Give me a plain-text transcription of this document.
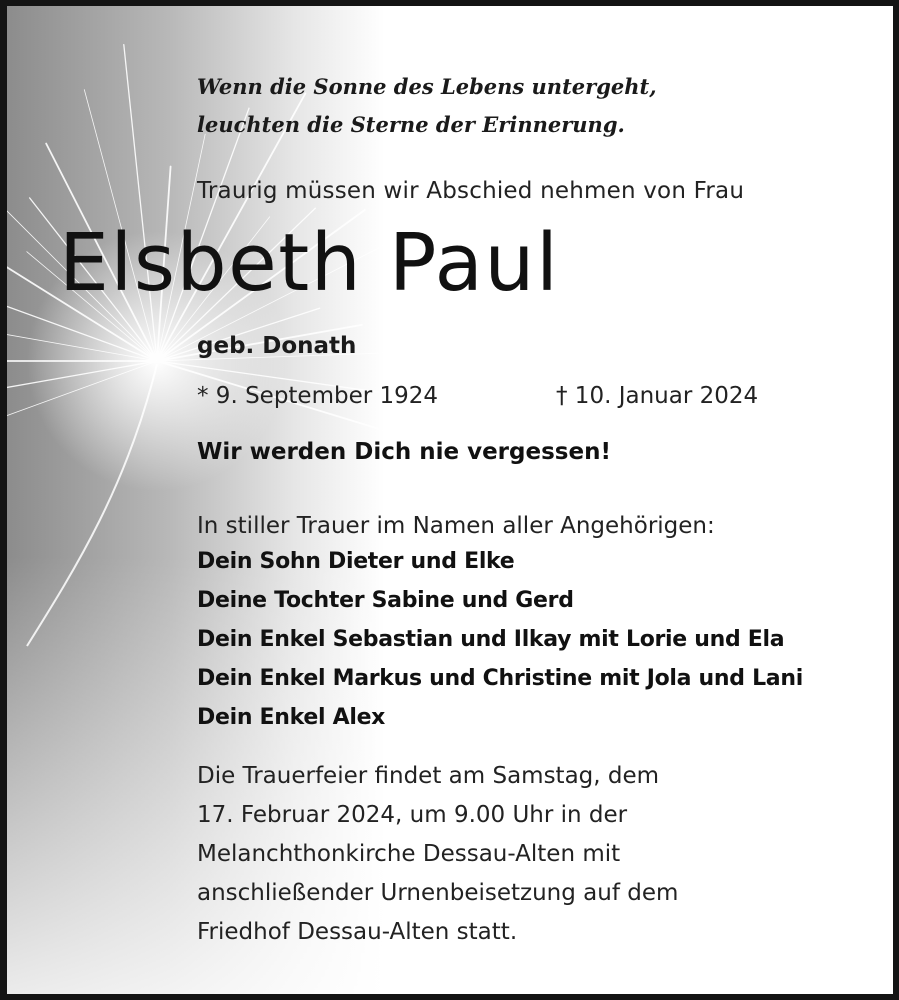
Wenn die Sonne des Lebens untergeht,
leuchten die Sterne der Erinnerung.
Traurig müssen wir Abschied nehmen von Frau
Elsbeth Paul
geb. Donath
* 9. September 1924	† 10. Januar 2024
Wir werden Dich nie vergessen!
In stiller Trauer im Namen aller Angehörigen:
Dein Sohn Dieter und Elke
Deine Tochter Sabine und Gerd
Dein Enkel Sebastian und Ilkay mit Lorie und Ela
Dein Enkel Markus und Christine mit Jola und Lani
Dein Enkel Alex
Die Trauerfeier findet am Samstag, dem
17. Februar 2024, um 9.00 Uhr in der
Melanchthonkirche Dessau-Alten mit
anschließender Urnenbeisetzung auf dem
Friedhof Dessau-Alten statt.
